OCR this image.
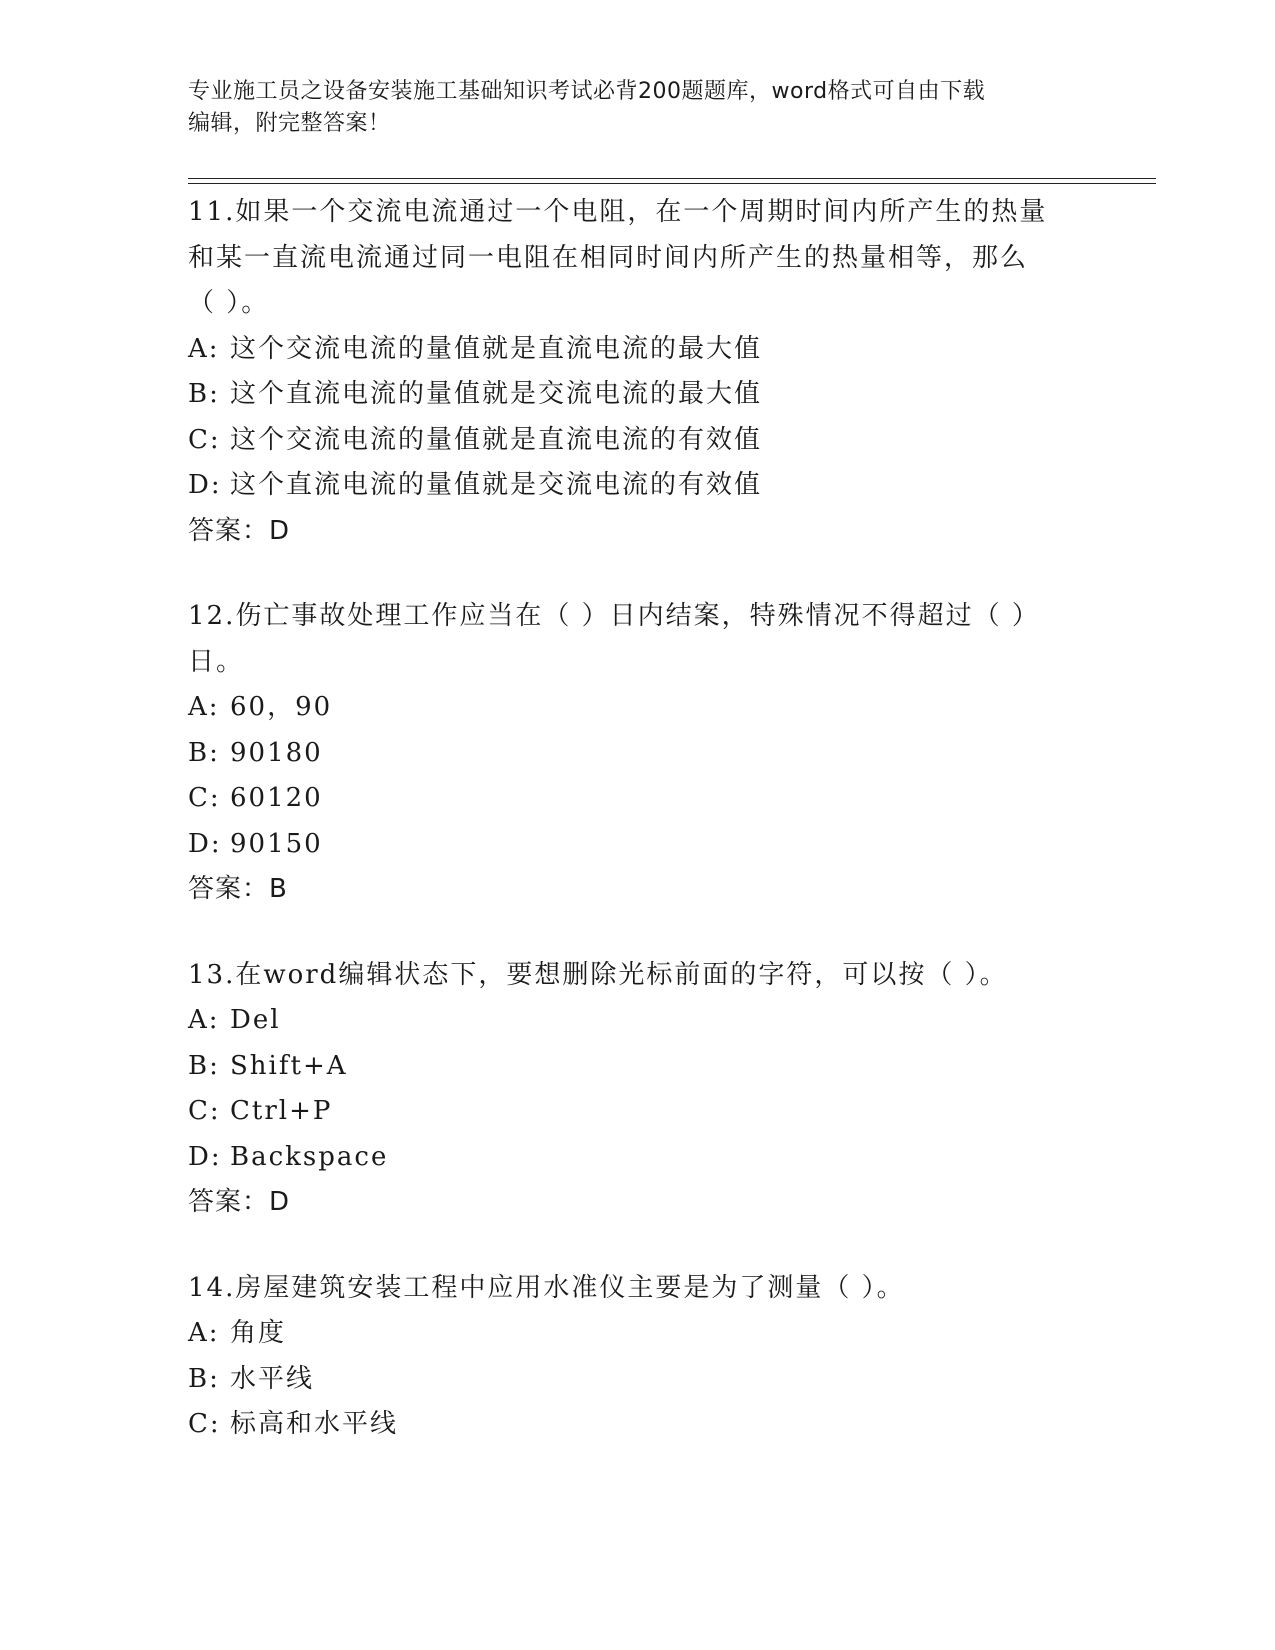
专业施工员之设备安装施工基础知识考试必背200题题库，word格式可自由下载
编辑，附完整答案！
11.如果一个交流电流通过一个电阻，在一个周期时间内所产生的热量
和某一直流电流通过同一电阻在相同时间内所产生的热量相等，那么
（ ）。
A: 这个交流电流的量值就是直流电流的最大值
B: 这个直流电流的量值就是交流电流的最大值
C: 这个交流电流的量值就是直流电流的有效值
D: 这个直流电流的量值就是交流电流的有效值
答案：D
12.伤亡事故处理工作应当在（ ）日内结案，特殊情况不得超过（ ）
日。
A: 60，90
B: 90180
C: 60120
D: 90150
答案：B
13.在word编辑状态下，要想删除光标前面的字符，可以按（ ）。
A: Del
B: Shift+A
C: Ctrl+P
D: Backspace
答案：D
14.房屋建筑安装工程中应用水准仪主要是为了测量（ ）。
A: 角度
B: 水平线
C: 标高和水平线
